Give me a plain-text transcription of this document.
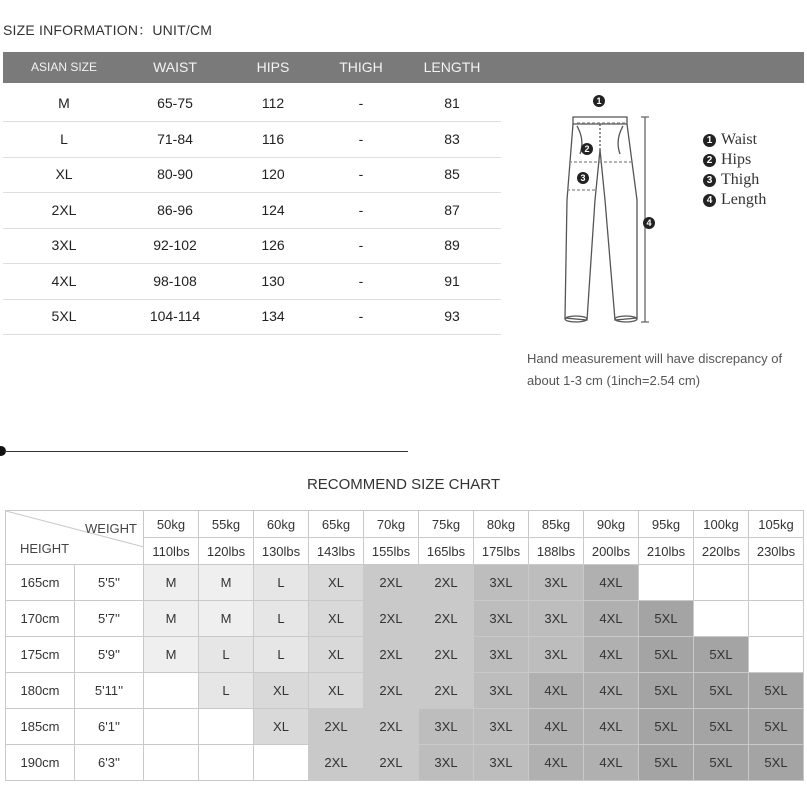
SIZE INFORMATION：UNIT/CM
ASIAN SIZE	WAIST	HIPS	THIGH	LENGTH
M	65-75	112	-	81
L	71-84	116	-	83
XL	80-90	120	-	85
2XL	86-96	124	-	87
3XL	92-102	126	-	89
4XL	98-108	130	-	91
5XL	104-114	134	-	93
1
2
3
4
1 Waist
2 Hips
3 Thigh
4 Length
Hand measurement will have discrepancy of
about 1-3 cm (1inch=2.54 cm)
RECOMMEND SIZE CHART
WEIGHT
HEIGHT		50kg	55kg	60kg	65kg	70kg	75kg	80kg	85kg	90kg	95kg	100kg	105kg
		110lbs	120lbs	130lbs	143lbs	155lbs	165lbs	175lbs	188lbs	200lbs	210lbs	220lbs	230lbs
165cm	5'5''	M	M	L	XL	2XL	2XL	3XL	3XL	4XL			
170cm	5'7''	M	M	L	XL	2XL	2XL	3XL	3XL	4XL	5XL		
175cm	5'9''	M	L	L	XL	2XL	2XL	3XL	3XL	4XL	5XL	5XL	
180cm	5'11''		L	XL	XL	2XL	2XL	3XL	4XL	4XL	5XL	5XL	5XL
185cm	6'1''			XL	2XL	2XL	3XL	3XL	4XL	4XL	5XL	5XL	5XL
190cm	6'3''				2XL	2XL	3XL	3XL	4XL	4XL	5XL	5XL	5XL
